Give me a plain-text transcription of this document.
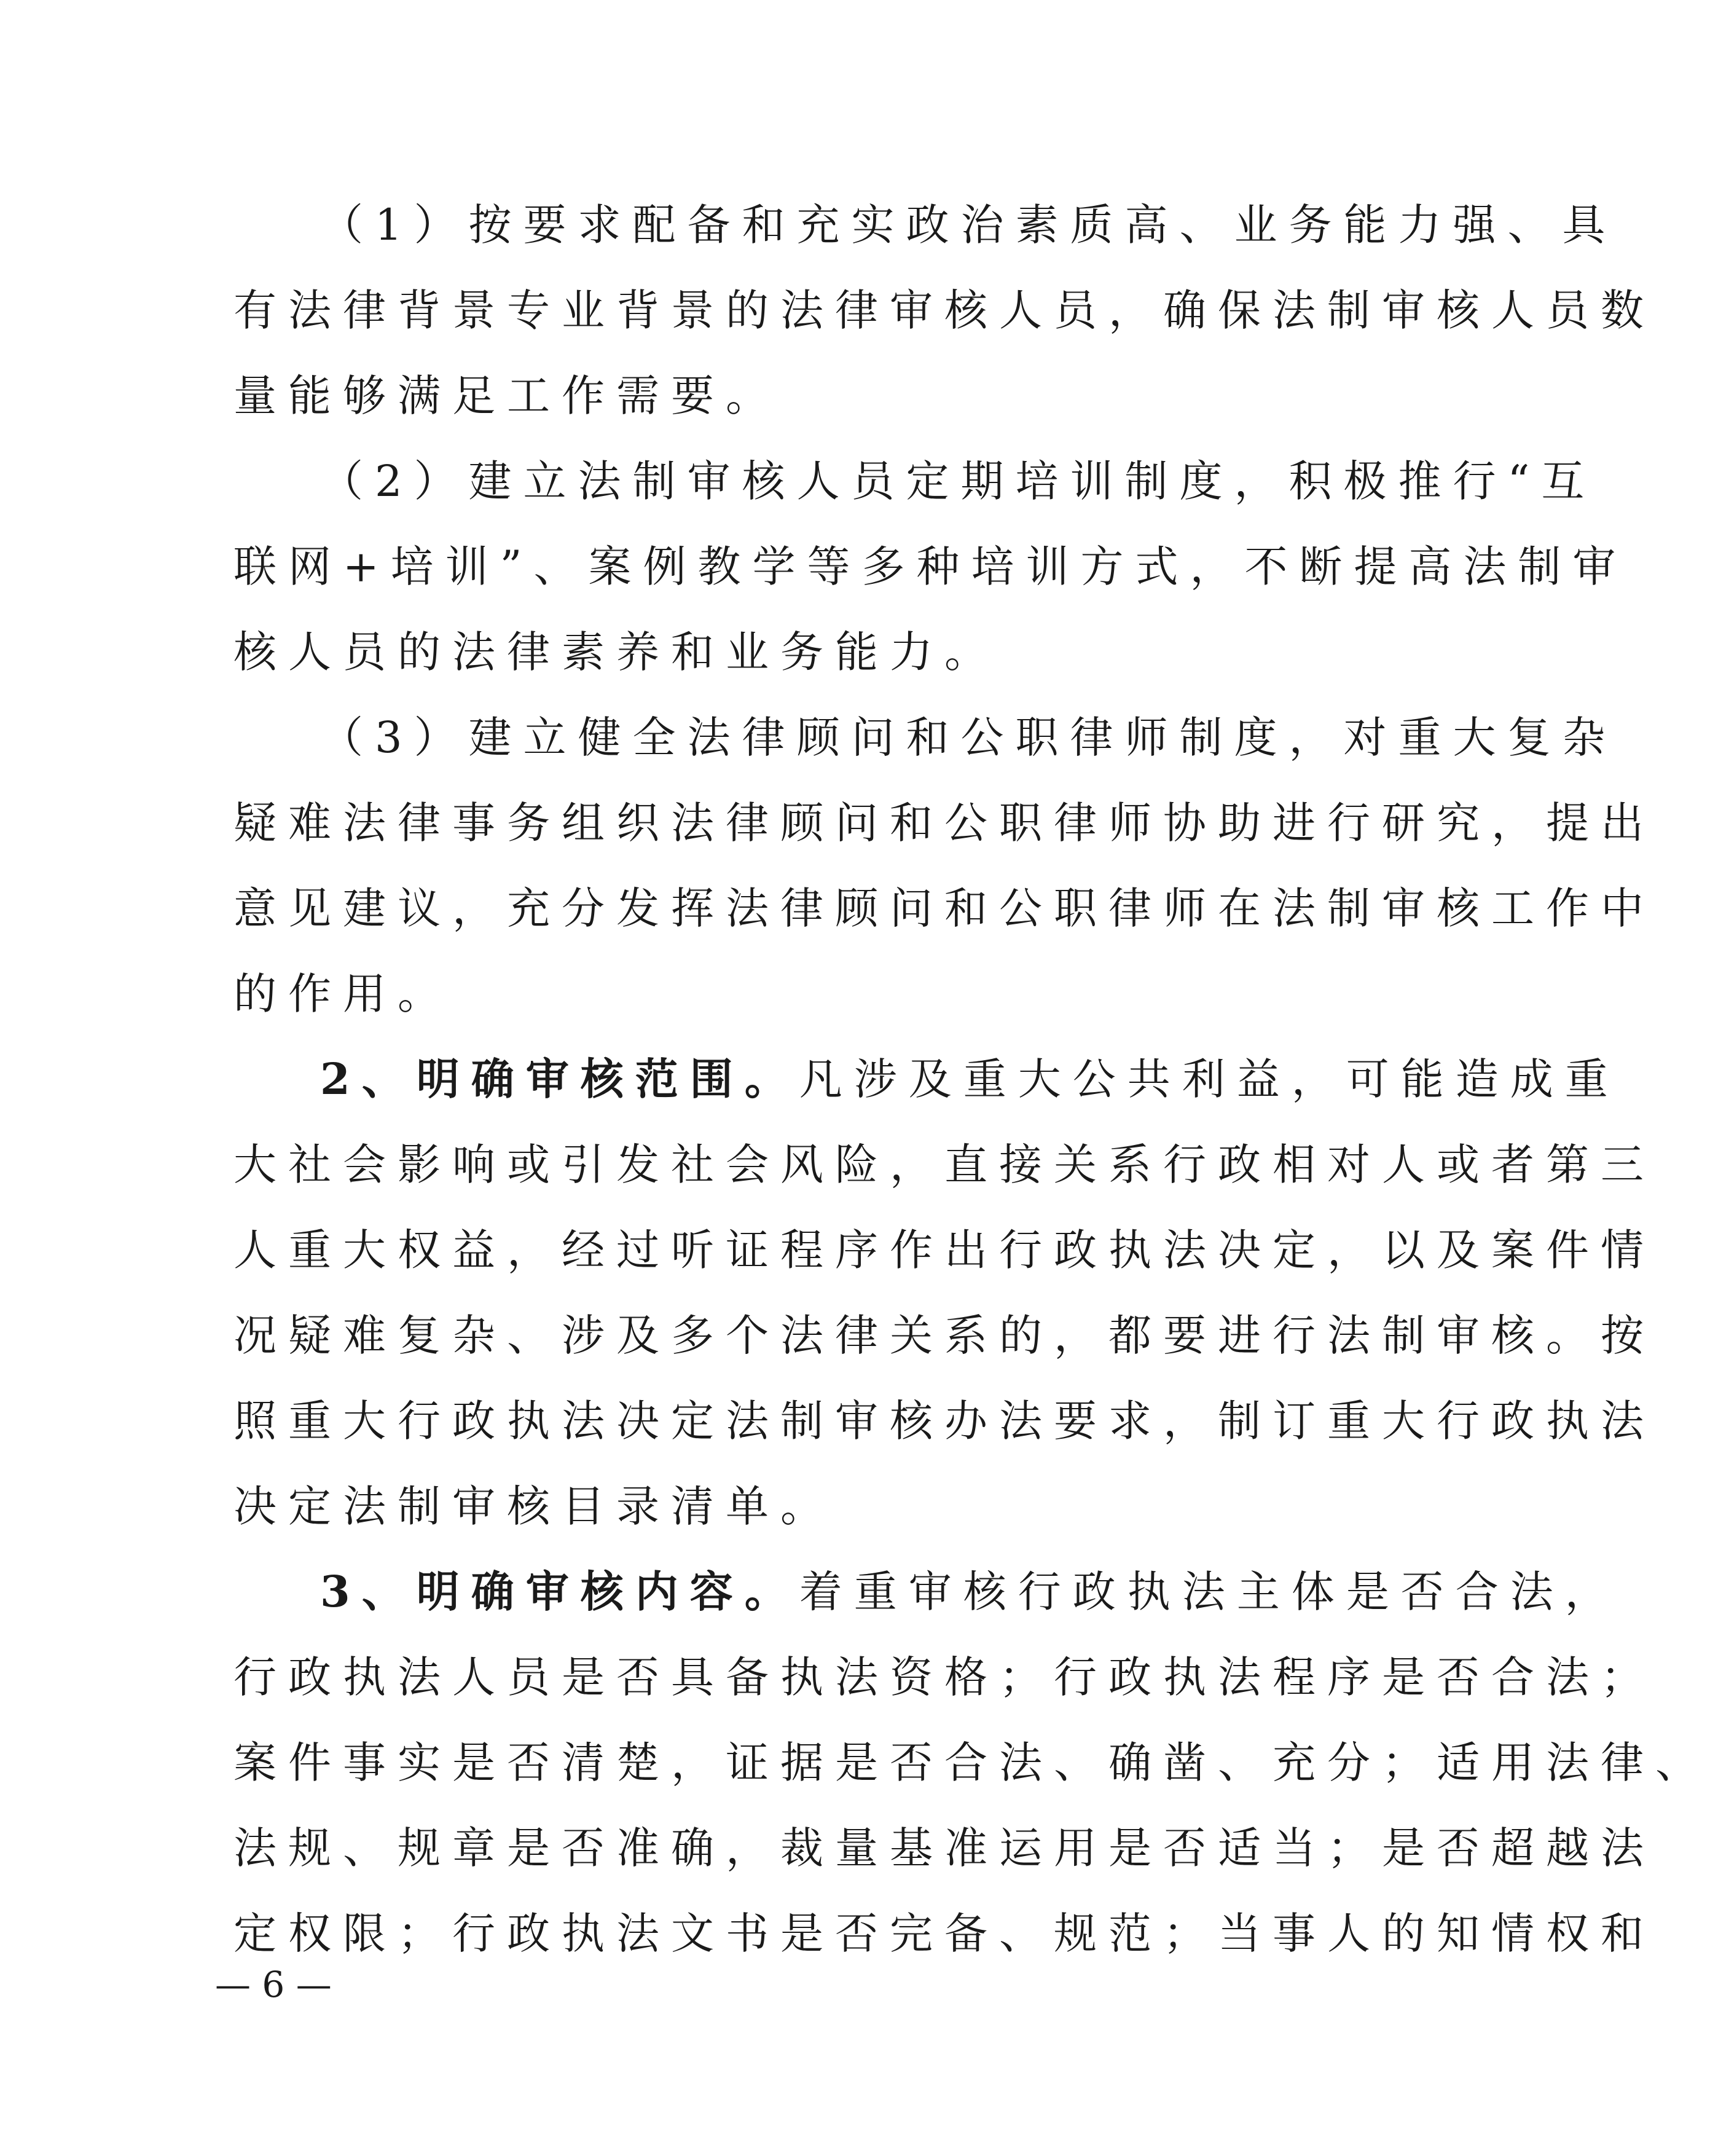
（1）按要求配备和充实政治素质高、业务能力强、具
有法律背景专业背景的法律审核人员，确保法制审核人员数
量能够满足工作需要。
（2）建立法制审核人员定期培训制度，积极推行“互
联网+培训”、案例教学等多种培训方式，不断提高法制审
核人员的法律素养和业务能力。
（3）建立健全法律顾问和公职律师制度，对重大复杂
疑难法律事务组织法律顾问和公职律师协助进行研究，提出
意见建议，充分发挥法律顾问和公职律师在法制审核工作中
的作用。
2、明确审核范围。凡涉及重大公共利益，可能造成重
大社会影响或引发社会风险，直接关系行政相对人或者第三
人重大权益，经过听证程序作出行政执法决定，以及案件情
况疑难复杂、涉及多个法律关系的，都要进行法制审核。按
照重大行政执法决定法制审核办法要求，制订重大行政执法
决定法制审核目录清单。
3、明确审核内容。着重审核行政执法主体是否合法，
行政执法人员是否具备执法资格；行政执法程序是否合法；
案件事实是否清楚，证据是否合法、确凿、充分；适用法律、
法规、规章是否准确，裁量基准运用是否适当；是否超越法
定权限；行政执法文书是否完备、规范；当事人的知情权和
— 6 —
